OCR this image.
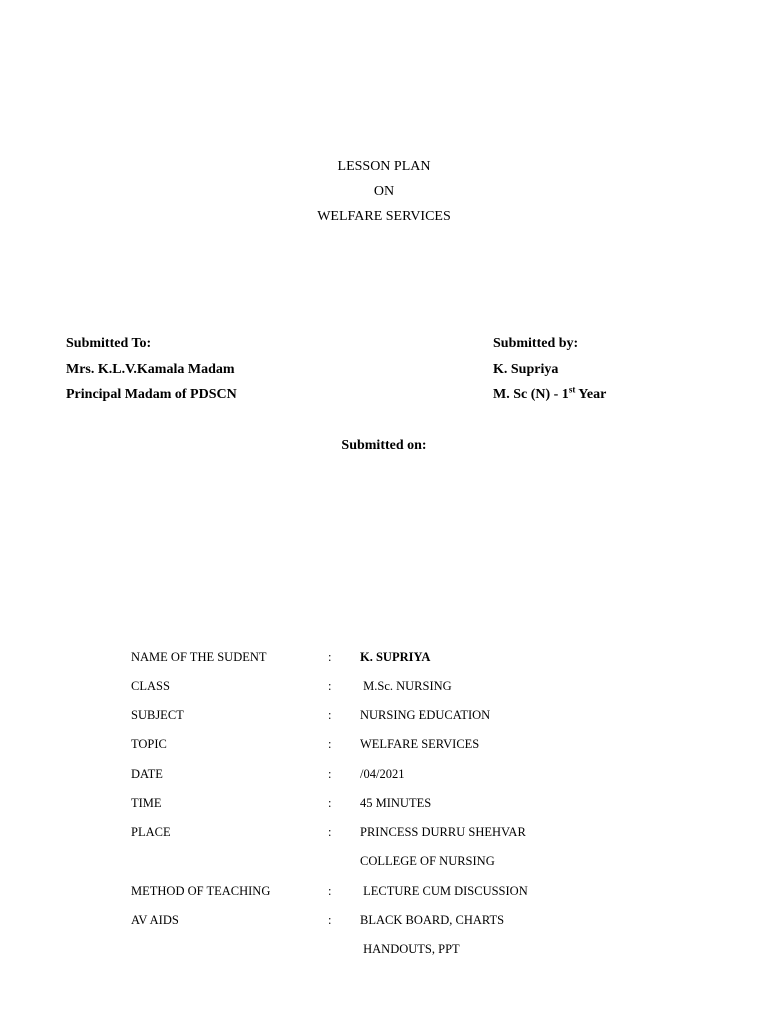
LESSON PLAN
ON
WELFARE SERVICES
Submitted To:
Mrs. K.L.V.Kamala Madam
Principal Madam of PDSCN
Submitted by:
K. Supriya
M. Sc (N) - 1st Year
Submitted on:
NAME OF THE SUDENT	: K. SUPRIYA
CLASS	: M.Sc. NURSING
SUBJECT	: NURSING EDUCATION
TOPIC	: WELFARE SERVICES
DATE	: /04/2021
TIME	: 45 MINUTES
PLACE	: PRINCESS DURRU SHEHVAR
COLLEGE OF NURSING
METHOD OF TEACHING	: LECTURE CUM DISCUSSION
AV AIDS	: BLACK BOARD, CHARTS
HANDOUTS, PPT
